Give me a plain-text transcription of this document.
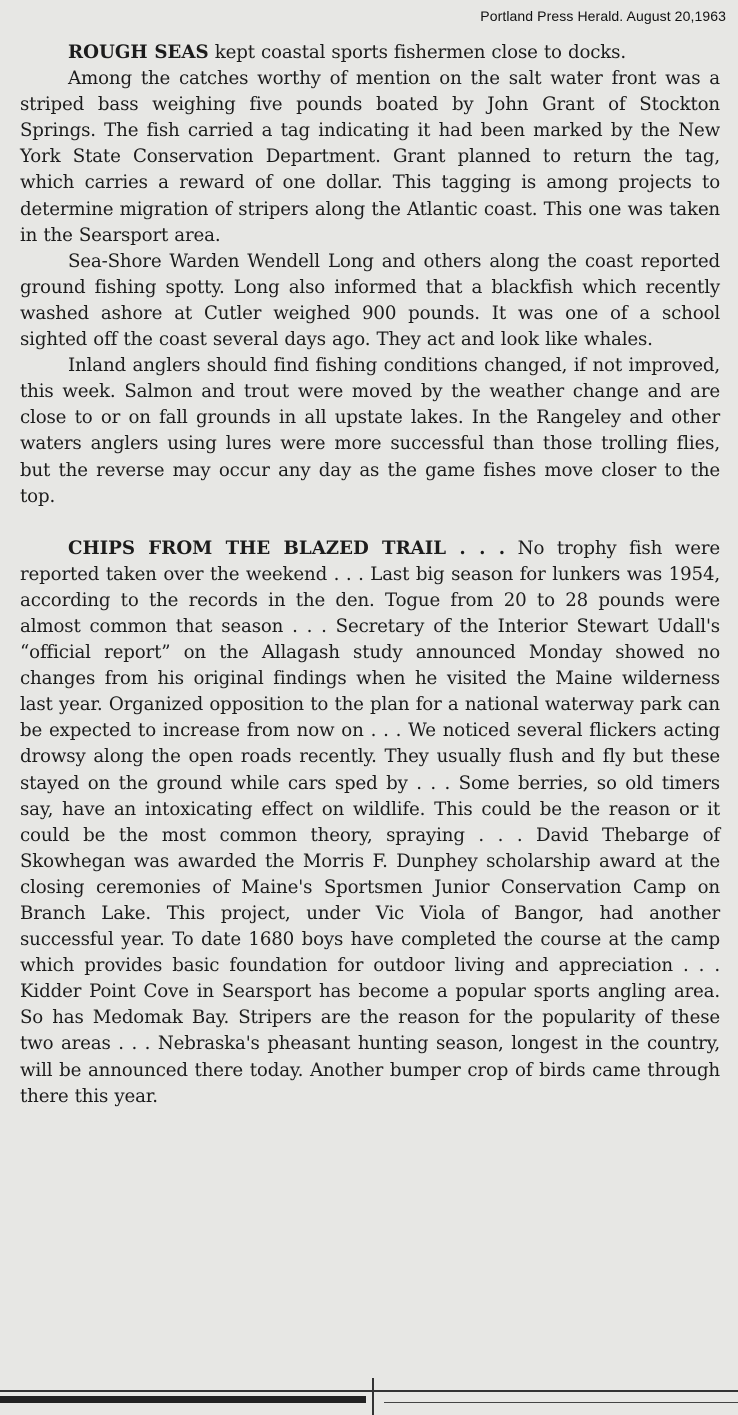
Portland Press Herald. August 20,1963

ROUGH SEAS kept coastal sports fishermen close to docks.

Among the catches worthy of mention on the salt water front was a striped bass weighing five pounds boated by John Grant of Stockton Springs. The fish carried a tag indicating it had been marked by the New York State Conservation Department. Grant planned to return the tag, which carries a reward of one dollar. This tagging is among projects to determine migration of stripers along the Atlantic coast. This one was taken in the Searsport area.

Sea-Shore Warden Wendell Long and others along the coast reported ground fishing spotty. Long also informed that a blackfish which recently washed ashore at Cutler weighed 900 pounds. It was one of a school sighted off the coast several days ago. They act and look like whales.

Inland anglers should find fishing conditions changed, if not improved, this week. Salmon and trout were moved by the weather change and are close to or on fall grounds in all upstate lakes. In the Rangeley and other waters anglers using lures were more successful than those trolling flies, but the reverse may occur any day as the game fishes move closer to the top.

CHIPS FROM THE BLAZED TRAIL . . . No trophy fish were reported taken over the weekend . . . Last big season for lunkers was 1954, according to the records in the den. Togue from 20 to 28 pounds were almost common that season . . . Secretary of the Interior Stewart Udall's “official report” on the Allagash study announced Monday showed no changes from his original findings when he visited the Maine wilderness last year. Organized opposition to the plan for a national waterway park can be expected to increase from now on . . . We noticed several flickers acting drowsy along the open roads recently. They usually flush and fly but these stayed on the ground while cars sped by . . . Some berries, so old timers say, have an intoxicating effect on wildlife. This could be the reason or it could be the most common theory, spraying . . . David Thebarge of Skowhegan was awarded the Morris F. Dunphey scholarship award at the closing ceremonies of Maine's Sportsmen Junior Conservation Camp on Branch Lake. This project, under Vic Viola of Bangor, had another successful year. To date 1680 boys have completed the course at the camp which provides basic foundation for outdoor living and appreciation . . . Kidder Point Cove in Searsport has become a popular sports angling area. So has Medomak Bay. Stripers are the reason for the popularity of these two areas . . . Nebraska's pheasant hunting season, longest in the country, will be announced there today. Another bumper crop of birds came through there this year.
